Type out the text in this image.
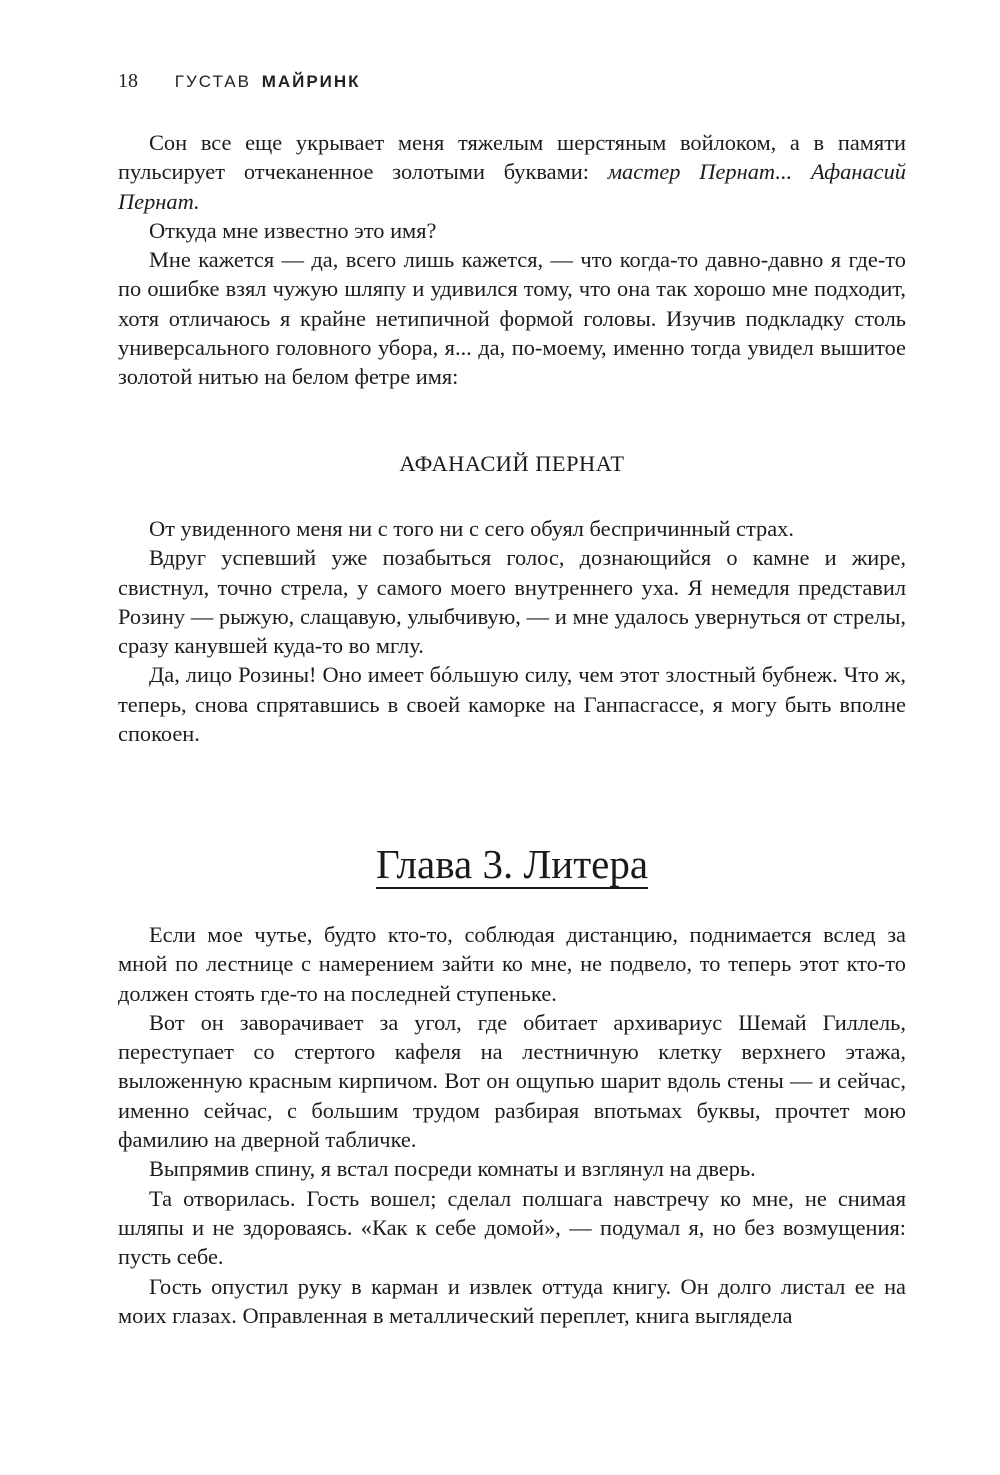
18 ГУСТАВ МАЙРИНК

Сон все еще укрывает меня тяжелым шерстяным войлоком, а в памяти пульсирует отчеканенное золотыми буквами: мастер Пернат... Афанасий Пернат.

Откуда мне известно это имя?

Мне кажется — да, всего лишь кажется, — что когда-то давно-давно я где-то по ошибке взял чужую шляпу и удивился тому, что она так хорошо мне подходит, хотя отличаюсь я крайне нетипичной формой головы. Изучив подкладку столь универсального головного убора, я... да, по-моему, именно тогда увидел вышитое золотой нитью на белом фетре имя:

АФАНАСИЙ ПЕРНАТ

От увиденного меня ни с того ни с сего обуял беспричинный страх.

Вдруг успевший уже позабыться голос, дознающийся о камне и жире, свистнул, точно стрела, у самого моего внутреннего уха. Я немедля представил Розину — рыжую, слащавую, улыбчивую, — и мне удалось увернуться от стрелы, сразу канувшей куда-то во мглу.

Да, лицо Розины! Оно имеет бóльшую силу, чем этот злостный бубнеж. Что ж, теперь, снова спрятавшись в своей каморке на Ганпасгассе, я могу быть вполне спокоен.

Глава 3. Литера

Если мое чутье, будто кто-то, соблюдая дистанцию, поднимается вслед за мной по лестнице с намерением зайти ко мне, не подвело, то теперь этот кто-то должен стоять где-то на последней ступеньке.

Вот он заворачивает за угол, где обитает архивариус Шемай Гиллель, переступает со стертого кафеля на лестничную клетку верхнего этажа, выложенную красным кирпичом. Вот он ощупью шарит вдоль стены — и сейчас, именно сейчас, с большим трудом разбирая впотьмах буквы, прочтет мою фамилию на дверной табличке.

Выпрямив спину, я встал посреди комнаты и взглянул на дверь.

Та отворилась. Гость вошел; сделал полшага навстречу ко мне, не снимая шляпы и не здороваясь. «Как к себе домой», — подумал я, но без возмущения: пусть себе.

Гость опустил руку в карман и извлек оттуда книгу. Он долго листал ее на моих глазах. Оправленная в металлический переплет, книга выглядела
